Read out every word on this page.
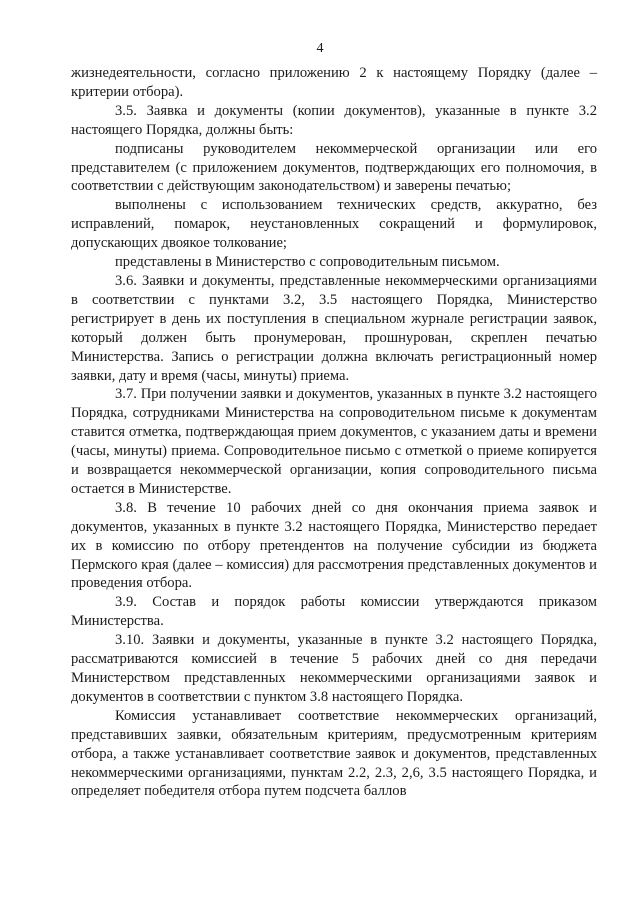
4

жизнедеятельности, согласно приложению 2 к настоящему Порядку (далее – критерии отбора).

3.5. Заявка и документы (копии документов), указанные в пункте 3.2 настоящего Порядка, должны быть:

подписаны руководителем некоммерческой организации или его представителем (с приложением документов, подтверждающих его полномочия, в соответствии с действующим законодательством) и заверены печатью;

выполнены с использованием технических средств, аккуратно, без исправлений, помарок, неустановленных сокращений и формулировок, допускающих двоякое толкование;

представлены в Министерство с сопроводительным письмом.

3.6. Заявки и документы, представленные некоммерческими организациями в соответствии с пунктами 3.2, 3.5 настоящего Порядка, Министерство регистрирует в день их поступления в специальном журнале регистрации заявок, который должен быть пронумерован, прошнурован, скреплен печатью Министерства. Запись о регистрации должна включать регистрационный номер заявки, дату и время (часы, минуты) приема.

3.7. При получении заявки и документов, указанных в пункте 3.2 настоящего Порядка, сотрудниками Министерства на сопроводительном письме к документам ставится отметка, подтверждающая прием документов, с указанием даты и времени (часы, минуты) приема. Сопроводительное письмо с отметкой о приеме копируется и возвращается некоммерческой организации, копия сопроводительного письма остается в Министерстве.

3.8. В течение 10 рабочих дней со дня окончания приема заявок и документов, указанных в пункте 3.2 настоящего Порядка, Министерство передает их в комиссию по отбору претендентов на получение субсидии из бюджета Пермского края (далее – комиссия) для рассмотрения представленных документов и проведения отбора.

3.9. Состав и порядок работы комиссии утверждаются приказом Министерства.

3.10. Заявки и документы, указанные в пункте 3.2 настоящего Порядка, рассматриваются комиссией в течение 5 рабочих дней со дня передачи Министерством представленных некоммерческими организациями заявок и документов в соответствии с пунктом 3.8 настоящего Порядка.

Комиссия устанавливает соответствие некоммерческих организаций, представивших заявки, обязательным критериям, предусмотренным критериям отбора, а также устанавливает соответствие заявок и документов, представленных некоммерческими организациями, пунктам 2.2, 2.3, 2,6, 3.5 настоящего Порядка, и определяет победителя отбора путем подсчета баллов
